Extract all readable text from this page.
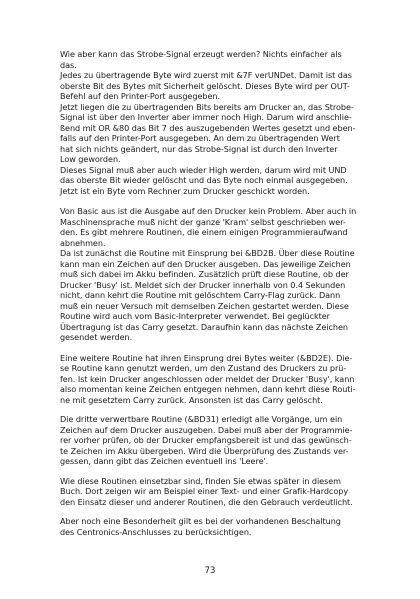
Wie aber kann das Strobe-Signal erzeugt werden? Nichts einfacher als
das.

Jedes zu übertragende Byte wird zuerst mit &7F verUNDet. Damit ist das
oberste Bit des Bytes mit Sicherheit gelöscht. Dieses Byte wird per OUT-
Befehl auf den Printer-Port ausgegeben.

Jetzt liegen die zu übertragenden Bits bereits am Drucker an, das Strobe-
Signal ist über den Inverter aber immer noch High. Darum wird anschlie-
ßend mit OR &80 das Bit 7 des auszugebenden Wertes gesetzt und eben-
falls auf den Printer-Port ausgegeben. An dem zu übertragenden Wert
hat sich nichts geändert, nur das Strobe-Signal ist durch den Inverter
Low geworden.

Dieses Signal muß aber auch wieder High werden, darum wird mit UND
das oberste Bit wieder gelöscht und das Byte noch einmal ausgegeben.
Jetzt ist ein Byte vom Rechner zum Drucker geschickt worden.

Von Basic aus ist die Ausgabe auf den Drucker kein Problem. Aber auch in
Maschinensprache muß nicht der ganze 'Kram' selbst geschrieben wer-
den. Es gibt mehrere Routinen, die einem einigen Programmieraufwand
abnehmen.

Da ist zunächst die Routine mit Einsprung bei &BD2B. Über diese Routine
kann man ein Zeichen auf den Drucker ausgeben. Das jeweilige Zeichen
muß sich dabei im Akku befinden. Zusätzlich prüft diese Routine, ob der
Drucker 'Busy' ist. Meldet sich der Drucker innerhalb von 0.4 Sekunden
nicht, dann kehrt die Routine mit gelöschtem Carry-Flag zurück. Dann
muß ein neuer Versuch mit demselben Zeichen gestartet werden. Diese
Routine wird auch vom Basic-Interpreter verwendet. Bei geglückter
Übertragung ist das Carry gesetzt. Daraufhin kann das nächste Zeichen
gesendet werden.

Eine weitere Routine hat ihren Einsprung drei Bytes weiter (&BD2E). Die-
se Routine kann genutzt werden, um den Zustand des Druckers zu prü-
fen. Ist kein Drucker angeschlossen oder meldet der Drucker 'Busy', kann
also momentan keine Zeichen entgegen nehmen, dann kehrt diese Routi-
ne mit gesetztem Carry zurück. Ansonsten ist das Carry gelöscht.

Die dritte verwertbare Routine (&BD31) erledigt alle Vorgänge, um ein
Zeichen auf dem Drucker auszugeben. Dabei muß aber der Programmie-
rer vorher prüfen, ob der Drucker empfangsbereit ist und das gewünsch-
te Zeichen im Akku übergeben. Wird die Überprüfung des Zustands ver-
gessen, dann gibt das Zeichen eventuell ins 'Leere'.

Wie diese Routinen einsetzbar sind, finden Sie etwas später in diesem
Buch. Dort zeigen wir am Beispiel einer Text- und einer Grafik-Hardcopy
den Einsatz dieser und anderer Routinen, die den Gebrauch verdeutlicht.

Aber noch eine Besonderheit gilt es bei der vorhandenen Beschaltung
des Centronics-Anschlusses zu berücksichtigen.

73
